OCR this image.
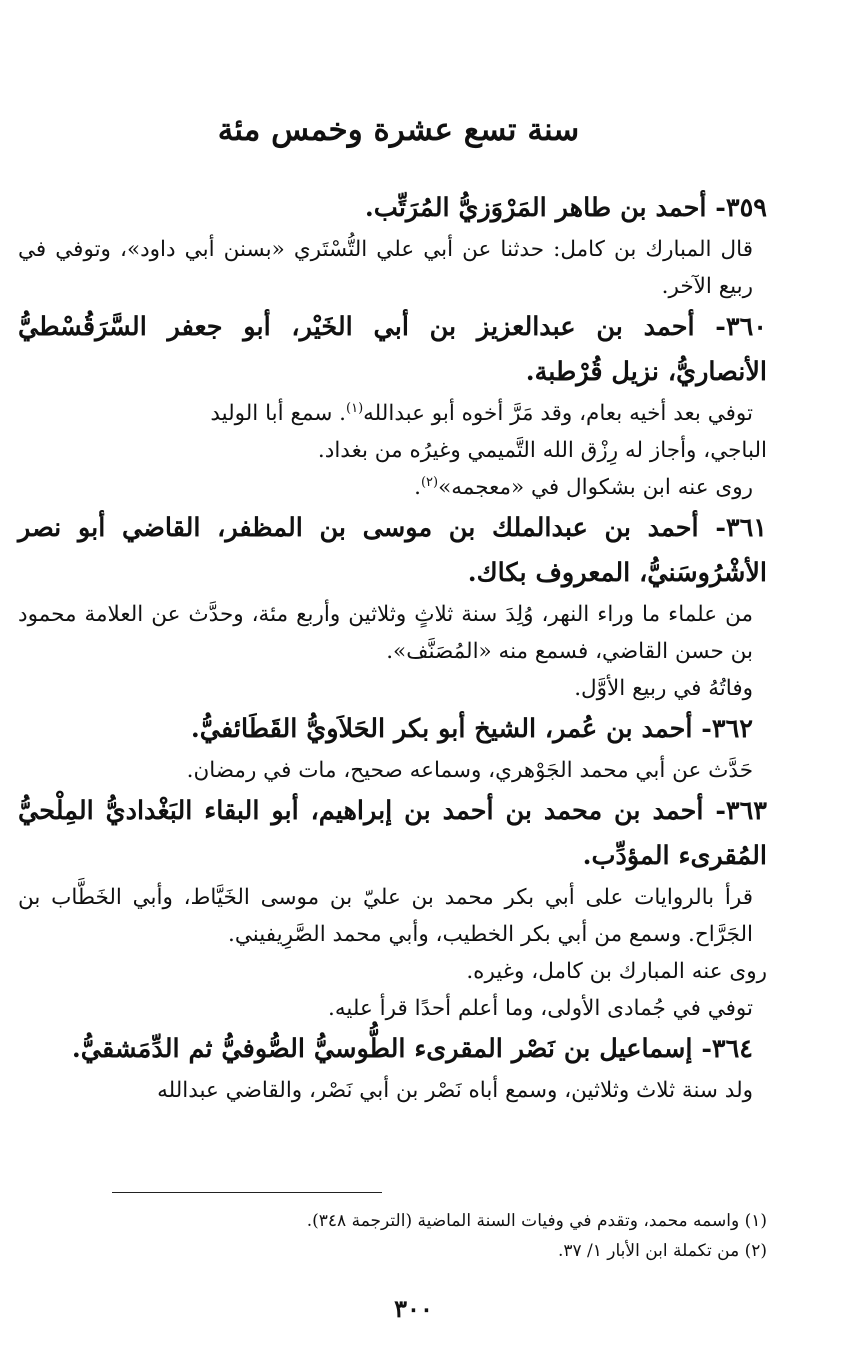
سنة تسع عشرة وخمس مئة

٣٥٩- أحمد بن طاهر المَرْوَزيُّ المُرَتِّب.

قال المبارك بن كامل: حدثنا عن أبي علي التُّسْتَري «بسنن أبي داود»، وتوفي في ربيع الآخر.

٣٦٠- أحمد بن عبدالعزيز بن أبي الخَيْر، أبو جعفر السَّرَقُسْطيُّ الأنصاريُّ، نزيل قُرْطبة.

توفي بعد أخيه بعام، وقد مَرَّ أخوه أبو عبدالله$^{(١)}$. سمع أبا الوليد

الباجي، وأجاز له رِزْق الله التَّميمي وغيرُه من بغداد.

روى عنه ابن بشكوال في «معجمه»$^{(٢)}$.

٣٦١- أحمد بن عبدالملك بن موسى بن المظفر، القاضي أبو نصر الأشْرُوسَنيُّ، المعروف بكاك.

من علماء ما وراء النهر، وُلِدَ سنة ثلاثٍ وثلاثين وأربع مئة، وحدَّث عن العلامة محمود بن حسن القاضي، فسمع منه «المُصَنَّف».

وفاتُهُ في ربيع الأوَّل.

٣٦٢- أحمد بن عُمر، الشيخ أبو بكر الحَلاَويُّ القَطَائفيُّ.

حَدَّث عن أبي محمد الجَوْهري، وسماعه صحيح، مات في رمضان.

٣٦٣- أحمد بن محمد بن أحمد بن إبراهيم، أبو البقاء البَغْداديُّ المِلْحيُّ المُقرىء المؤدِّب.

قرأ بالروايات على أبي بكر محمد بن عليّ بن موسى الخَيَّاط، وأبي الخَطَّاب بن الجَرَّاح. وسمع من أبي بكر الخطيب، وأبي محمد الصَّرِيفيني.

روى عنه المبارك بن كامل، وغيره.

توفي في جُمادى الأولى، وما أعلم أحدًا قرأ عليه.

٣٦٤- إسماعيل بن نَصْر المقرىء الطُّوسيُّ الصُّوفيُّ ثم الدِّمَشقيُّ.

ولد سنة ثلاث وثلاثين، وسمع أباه نَصْر بن أبي نَصْر، والقاضي عبدالله

(١) واسمه محمد، وتقدم في وفيات السنة الماضية (الترجمة ٣٤٨).

(٢) من تكملة ابن الأبار ١/ ٣٧.

٣٠٠
